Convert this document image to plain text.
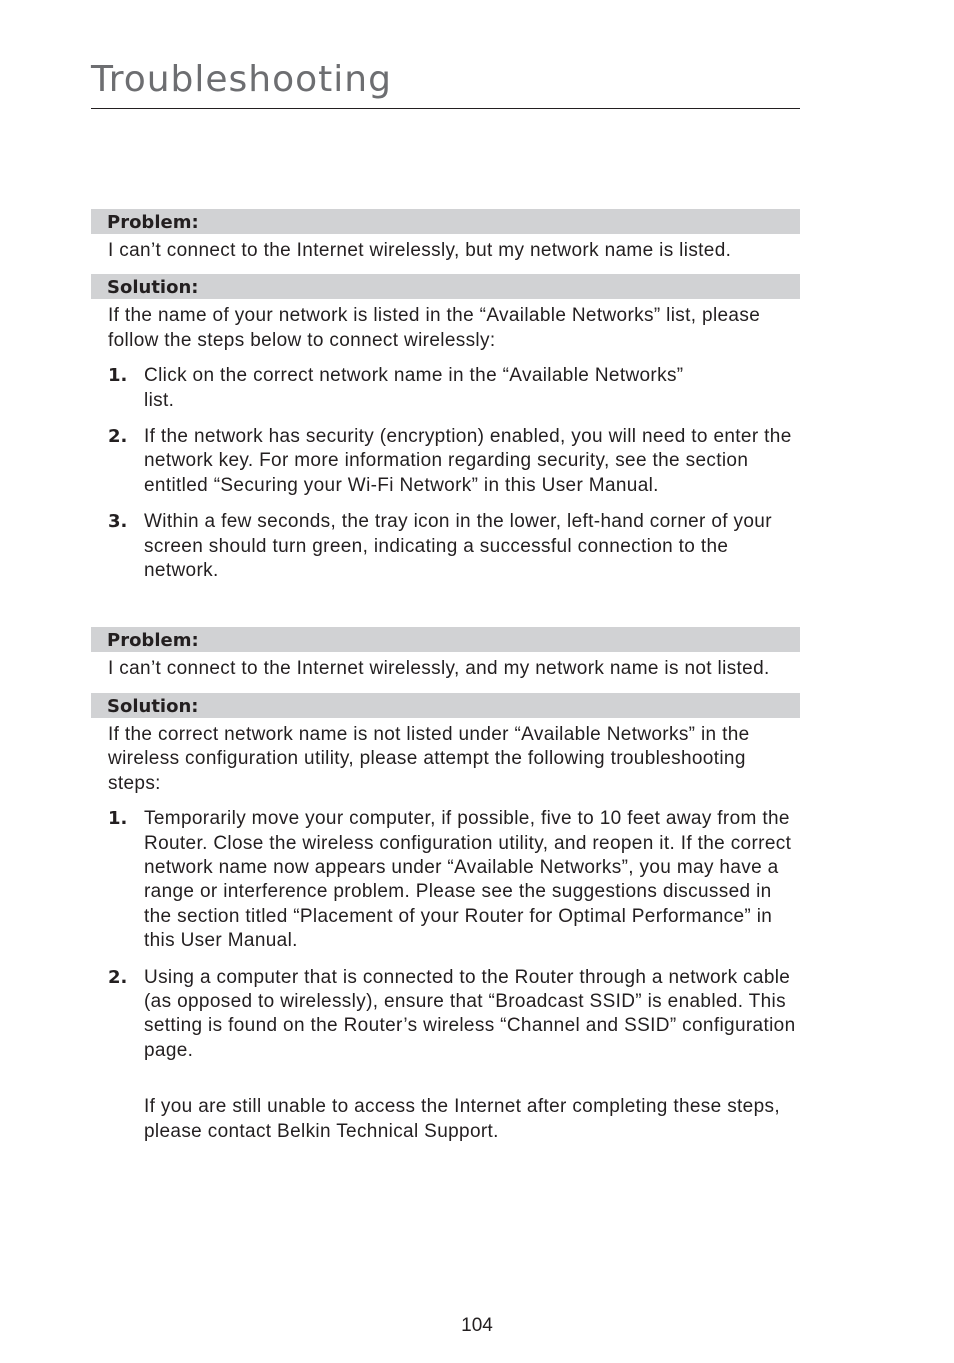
Troubleshooting
Problem:

I can’t connect to the Internet wirelessly, but my network name is listed.

Solution:

If the name of your network is listed in the “Available Networks” list, please follow the steps below to connect wirelessly:

1. Click on the correct network name in the “Available Networks” list.
2. If the network has security (encryption) enabled, you will need to enter the network key. For more information regarding security, see the section entitled “Securing your Wi-Fi Network” in this User Manual.
3. Within a few seconds, the tray icon in the lower, left-hand corner of your screen should turn green, indicating a successful connection to the network.
Problem:

I can’t connect to the Internet wirelessly, and my network name is not listed.

Solution:

If the correct network name is not listed under “Available Networks” in the wireless configuration utility, please attempt the following troubleshooting steps:

1. Temporarily move your computer, if possible, five to 10 feet away from the Router. Close the wireless configuration utility, and reopen it. If the correct network name now appears under “Available Networks”, you may have a range or interference problem. Please see the suggestions discussed in the section titled “Placement of your Router for Optimal Performance” in this User Manual.
2. Using a computer that is connected to the Router through a network cable (as opposed to wirelessly), ensure that “Broadcast SSID” is enabled. This setting is found on the Router’s wireless “Channel and SSID” configuration page.

If you are still unable to access the Internet after completing these steps, please contact Belkin Technical Support.

104
